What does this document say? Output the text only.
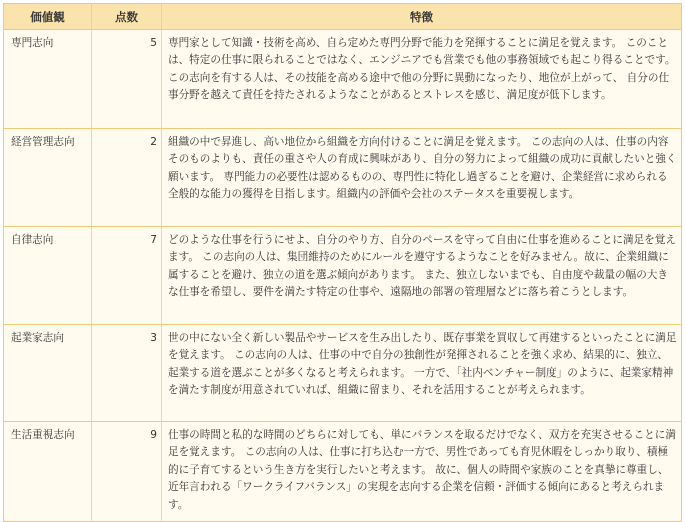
価値観	点数	特徴
専門志向	5	専門家として知識・技術を高め、自ら定めた専門分野で能力を発揮することに満足を覚えます。 このことは、特定の仕事に限られることではなく、エンジニアでも営業でも他の事務領域でも起こり得ることです。 この志向を有する人は、その技能を高める途中で他の分野に異動になったり、地位が上がって、 自分の仕事分野を越えて責任を持たされるようなことがあるとストレスを感じ、満足度が低下します。
経営管理志向	2	組織の中で昇進し、高い地位から組織を方向付けることに満足を覚えます。 この志向の人は、仕事の内容そのものよりも、責任の重さや人の育成に興味があり、自分の努力によって組織の成功に貢献したいと強く願います。 専門能力の必要性は認めるものの、専門性に特化し過ぎることを避け、企業経営に求められる全般的な能力の獲得を目指します。組織内の評価や会社のステータスを重要視します。
自律志向	7	どのような仕事を行うにせよ、自分のやり方、自分のペースを守って自由に仕事を進めることに満足を覚えます。 この志向の人は、集団維持のためにルールを遵守するようなことを好みません。故に、企業組織に属することを避け、独立の道を選ぶ傾向があります。 また、独立しないまでも、自由度や裁量の幅の大きな仕事を希望し、要件を満たす特定の仕事や、遠隔地の部署の管理層などに落ち着こうとします。
起業家志向	3	世の中にない全く新しい製品やサービスを生み出したり、既存事業を買収して再建するといったことに満足を覚えます。 この志向の人は、仕事の中で自分の独創性が発揮されることを強く求め、結果的に、独立、起業する道を選ぶことが多くなると考えられます。 一方で、「社内ベンチャー制度」のように、起業家精神を満たす制度が用意されていれば、組織に留まり、それを活用することが考えられます。
生活重視志向	9	仕事の時間と私的な時間のどちらに対しても、単にバランスを取るだけでなく、双方を充実させることに満足を覚えます。 この志向の人は、仕事に打ち込む一方で、男性であっても育児休暇をしっかり取り、積極的に子育てするという生き方を実行したいと考えます。 故に、個人の時間や家族のことを真摯に尊重し、近年言われる「ワークライフバランス」の実現を志向する企業を信頼・評価する傾向にあると考えられます。
